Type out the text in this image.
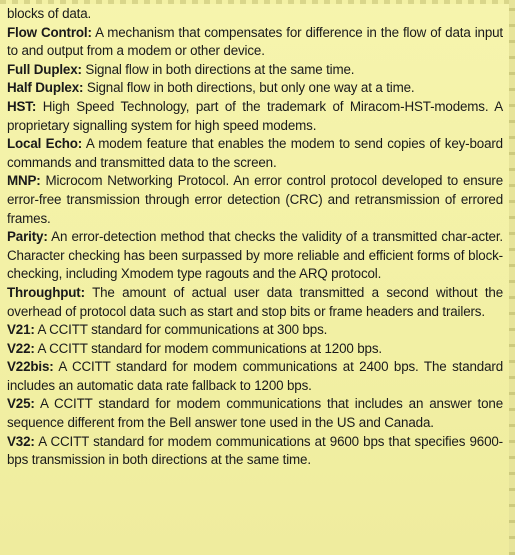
blocks of data.

Flow Control: A mechanism that compensates for difference in the flow of data input to and output from a modem or other device.

Full Duplex: Signal flow in both directions at the same time.

Half Duplex: Signal flow in both directions, but only one way at a time.

HST: High Speed Technology, part of the trademark of Miracom-HST-modems. A proprietary signalling system for high speed modems.

Local Echo: A modem feature that enables the modem to send copies of key-board commands and transmitted data to the screen.

MNP: Microcom Networking Protocol. An error control protocol developed to ensure error-free transmission through error detection (CRC) and retransmission of errored frames.

Parity: An error-detection method that checks the validity of a transmitted char-acter. Character checking has been surpassed by more reliable and efficient forms of block-checking, including Xmodem type ragouts and the ARQ protocol.

Throughput: The amount of actual user data transmitted a second without the overhead of protocol data such as start and stop bits or frame headers and trailers.

V21: A CCITT standard for communications at 300 bps.

V22: A CCITT standard for modem communications at 1200 bps.

V22bis: A CCITT standard for modem communications at 2400 bps. The standard includes an automatic data rate fallback to 1200 bps.

V25: A CCITT standard for modem communications that includes an answer tone sequence different from the Bell answer tone used in the US and Canada.

V32: A CCITT standard for modem communications at 9600 bps that specifies 9600-bps transmission in both directions at the same time.
